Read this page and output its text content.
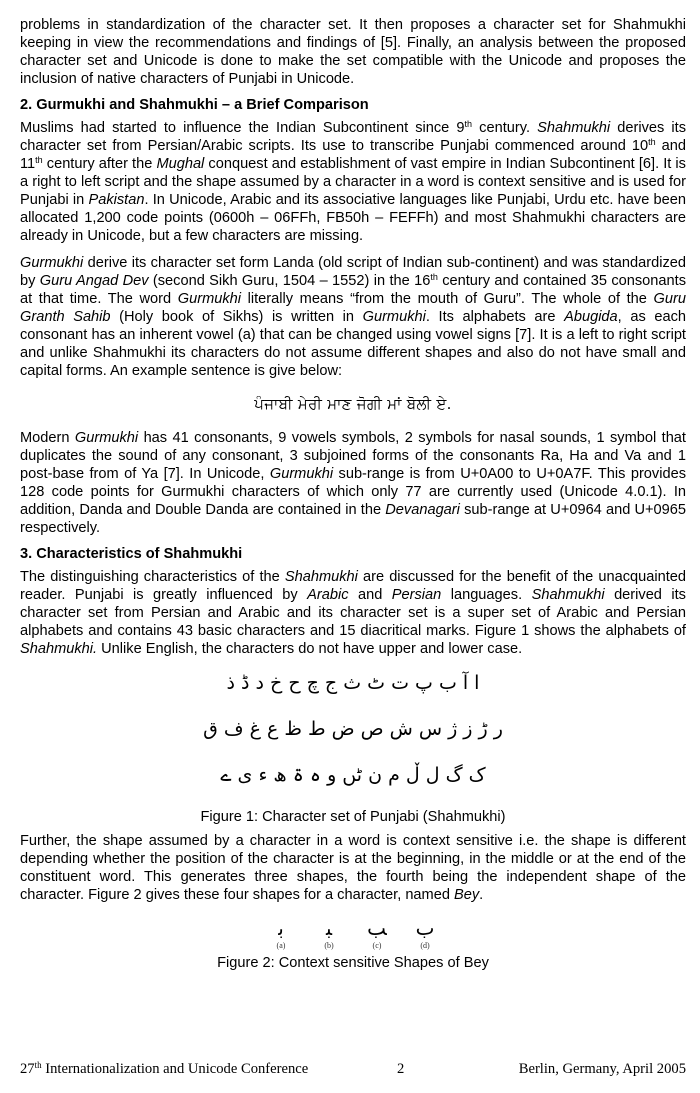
problems in standardization of the character set. It then proposes a character set for Shahmukhi keeping in view the recommendations and findings of [5]. Finally, an analysis between the proposed character set and Unicode is done to make the set compatible with the Unicode and proposes the inclusion of native characters of Punjabi in Unicode.

2. Gurmukhi and Shahmukhi – a Brief Comparison

Muslims had started to influence the Indian Subcontinent since 9th century. Shahmukhi derives its character set from Persian/Arabic scripts. Its use to transcribe Punjabi commenced around 10th and 11th century after the Mughal conquest and establishment of vast empire in Indian Subcontinent [6]. It is a right to left script and the shape assumed by a character in a word is context sensitive and is used for Punjabi in Pakistan. In Unicode, Arabic and its associative languages like Punjabi, Urdu etc. have been allocated 1,200 code points (0600h – 06FFh, FB50h – FEFFh) and most Shahmukhi characters are already in Unicode, but a few characters are missing.

Gurmukhi derive its character set form Landa (old script of Indian sub-continent) and was standardized by Guru Angad Dev (second Sikh Guru, 1504 – 1552) in the 16th century and contained 35 consonants at that time. The word Gurmukhi literally means “from the mouth of Guru”. The whole of the Guru Granth Sahib (Holy book of Sikhs) is written in Gurmukhi. Its alphabets are Abugida, as each consonant has an inherent vowel (a) that can be changed using vowel signs [7]. It is a left to right script and unlike Shahmukhi its characters do not assume different shapes and also do not have small and capital forms. An example sentence is give below:

ਪੰਜਾਬੀ ਮੇਰੀ ਮਾਣ ਜੋਗੀ ਮਾਂ ਬੋਲੀ ਏ.

Modern Gurmukhi has 41 consonants, 9 vowels symbols, 2 symbols for nasal sounds, 1 symbol that duplicates the sound of any consonant, 3 subjoined forms of the consonants Ra, Ha and Va and 1 post-base from of Ya [7]. In Unicode, Gurmukhi sub-range is from U+0A00 to U+0A7F. This provides 128 code points for Gurmukhi characters of which only 77 are currently used (Unicode 4.0.1). In addition, Danda and Double Danda are contained in the Devanagari sub-range at U+0964 and U+0965 respectively.

3. Characteristics of Shahmukhi

The distinguishing characteristics of the Shahmukhi are discussed for the benefit of the unacquainted reader. Punjabi is greatly influenced by Arabic and Persian languages. Shahmukhi derived its character set from Persian and Arabic and its character set is a super set of Arabic and Persian alphabets and contains 43 basic characters and 15 diacritical marks. Figure 1 shows the alphabets of Shahmukhi. Unlike English, the characters do not have upper and lower case.

ا آ ب پ ت ٹ ث ج چ ح خ د ڈ ذ
ر ڑ ز ژ س ش ص ض ط ظ ع غ ف ق
ک گ ل ڵ م ن ٹں و ہ ۃ ھ ء ی ے
Figure 1: Character set of Punjabi (Shahmukhi)

Further, the shape assumed by a character in a word is context sensitive i.e. the shape is different depending whether the position of the character is at the beginning, in the middle or at the end of the constituent word. This generates three shapes, the fourth being the independent shape of the character. Figure 2 gives these four shapes for a character, named Bey.

ﺑ
(a)
ﺒ
(b)
ﺐ
(c)
ب
(d)
Figure 2: Context sensitive Shapes of Bey
27th Internationalization and Unicode Conference	2	Berlin, Germany, April 2005
